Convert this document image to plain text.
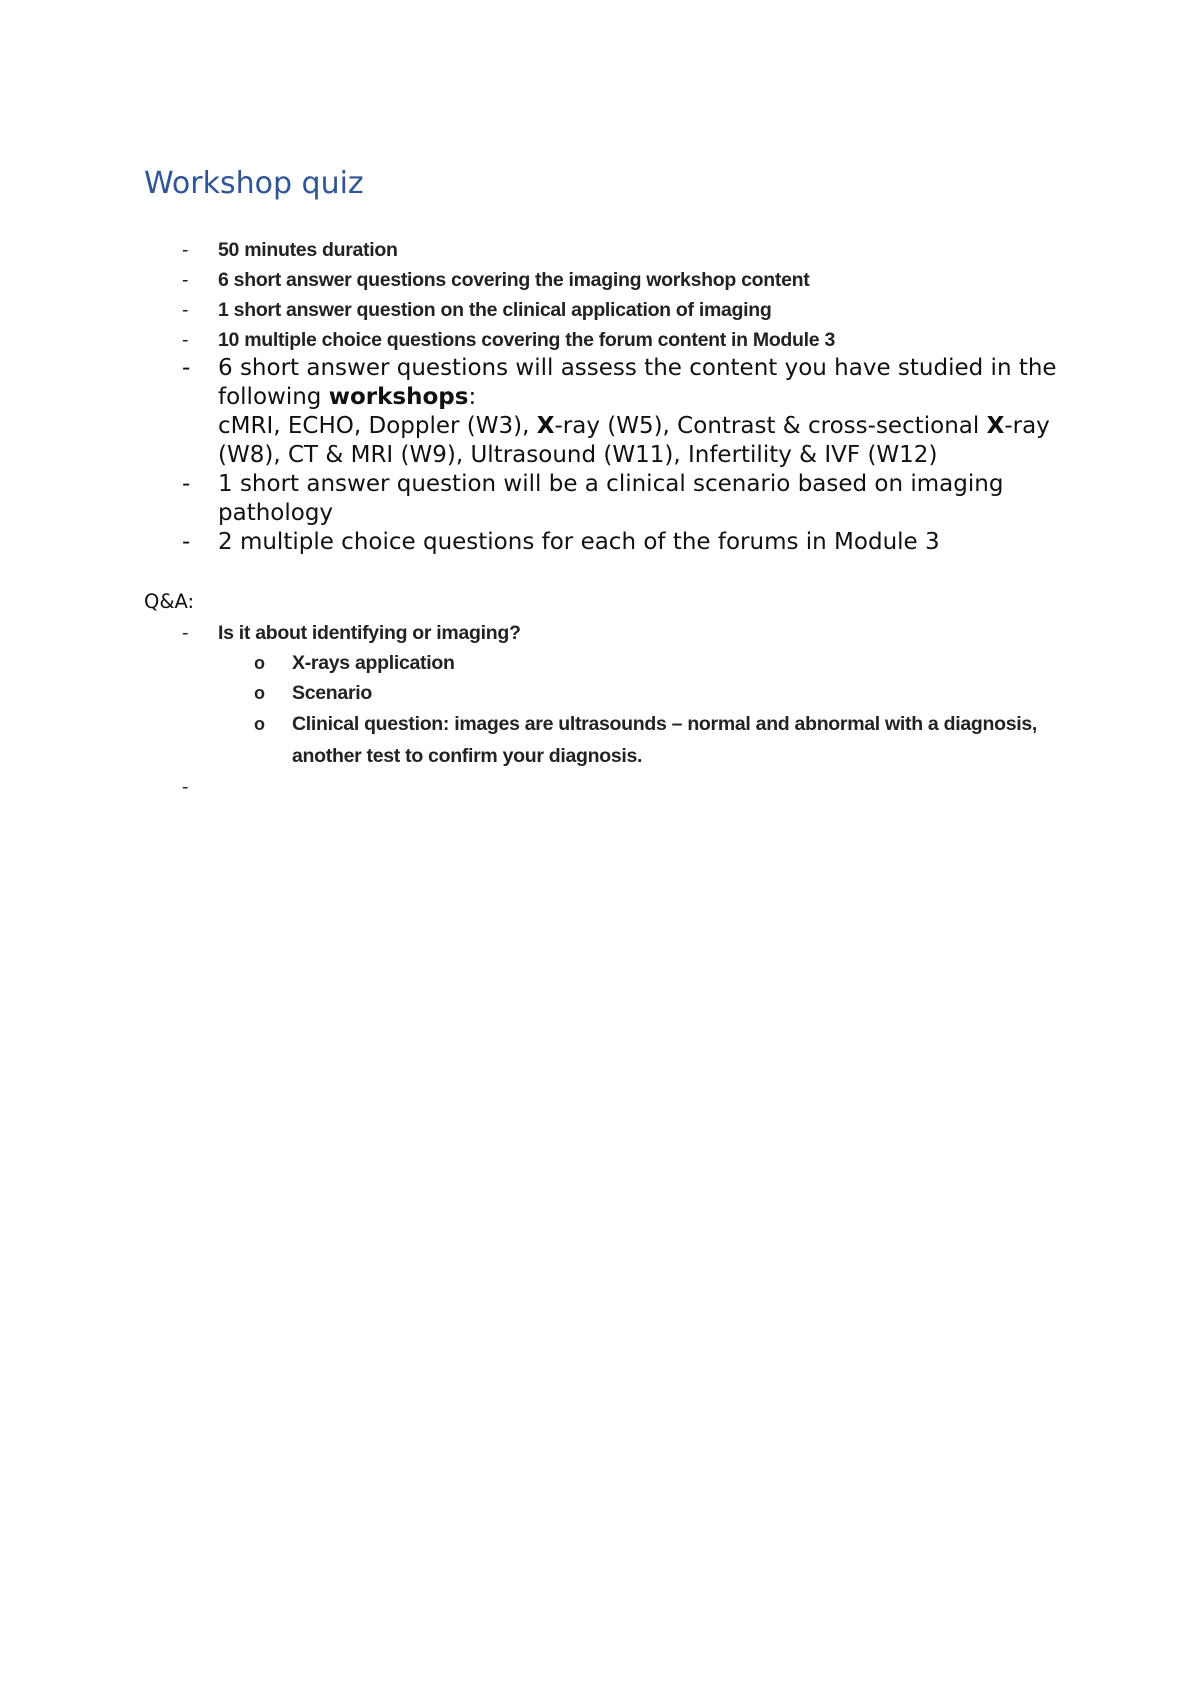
Workshop quiz
- 50 minutes duration
- 6 short answer questions covering the imaging workshop content
- 1 short answer question on the clinical application of imaging
- 10 multiple choice questions covering the forum content in Module 3
- 6 short answer questions will assess the content you have studied in the following workshops:
cMRI, ECHO, Doppler (W3), X-ray (W5), Contrast & cross-sectional X-ray (W8), CT & MRI (W9), Ultrasound (W11), Infertility & IVF (W12)
- 1 short answer question will be a clinical scenario based on imaging pathology
- 2 multiple choice questions for each of the forums in Module 3

Q&A:

- Is it about identifying or imaging?
o X-rays application
o Scenario
o Clinical question: images are ultrasounds – normal and abnormal with a diagnosis, another test to confirm your diagnosis.
-
